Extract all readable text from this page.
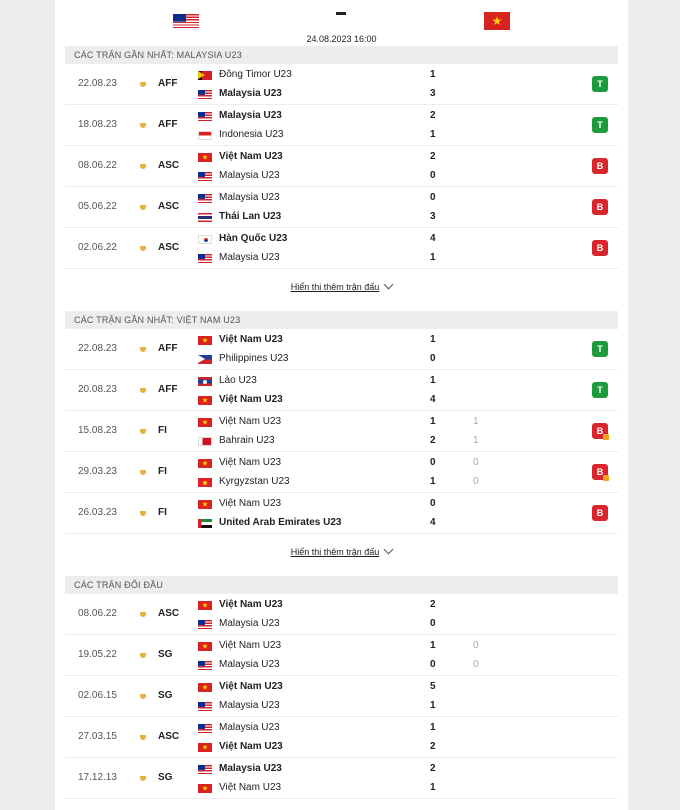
★
24.08.2023 16:00
CÁC TRẬN GẦN NHẤT: MALAYSIA U23
22.08.23	AFF
Đông Timor U23	1
Malaysia U23	3
T
18.08.23	AFF
Malaysia U23	2
Indonesia U23	1
T
08.06.22	ASC
★
Việt Nam U23	2
Malaysia U23	0
B
05.06.22	ASC
Malaysia U23	0
Thái Lan U23	3
B
02.06.22	ASC
Hàn Quốc U23	4
Malaysia U23	1
B
Hiển thị thêm trận đấu
CÁC TRẬN GẦN NHẤT: VIỆT NAM U23
22.08.23	AFF
★
Việt Nam U23	1
Philippines U23	0
T
20.08.23	AFF
Lào U23	1
★
Việt Nam U23	4
T
15.08.23	FI
★
Việt Nam U23	1	1
Bahrain U23	2	1
B
29.03.23	FI
★
Việt Nam U23	0	0
Kyrgyzstan U23	1	0
B
26.03.23	FI
★
Việt Nam U23	0
United Arab Emirates U23	4
B
Hiển thị thêm trận đấu
CÁC TRẬN ĐỐI ĐẦU
08.06.22	ASC
★
Việt Nam U23	2
Malaysia U23	0
19.05.22	SG
★
Việt Nam U23	1	0
Malaysia U23	0	0
02.06.15	SG
★
Việt Nam U23	5
Malaysia U23	1
27.03.15	ASC
Malaysia U23	1
★
Việt Nam U23	2
17.12.13	SG
Malaysia U23	2
★
Việt Nam U23	1
